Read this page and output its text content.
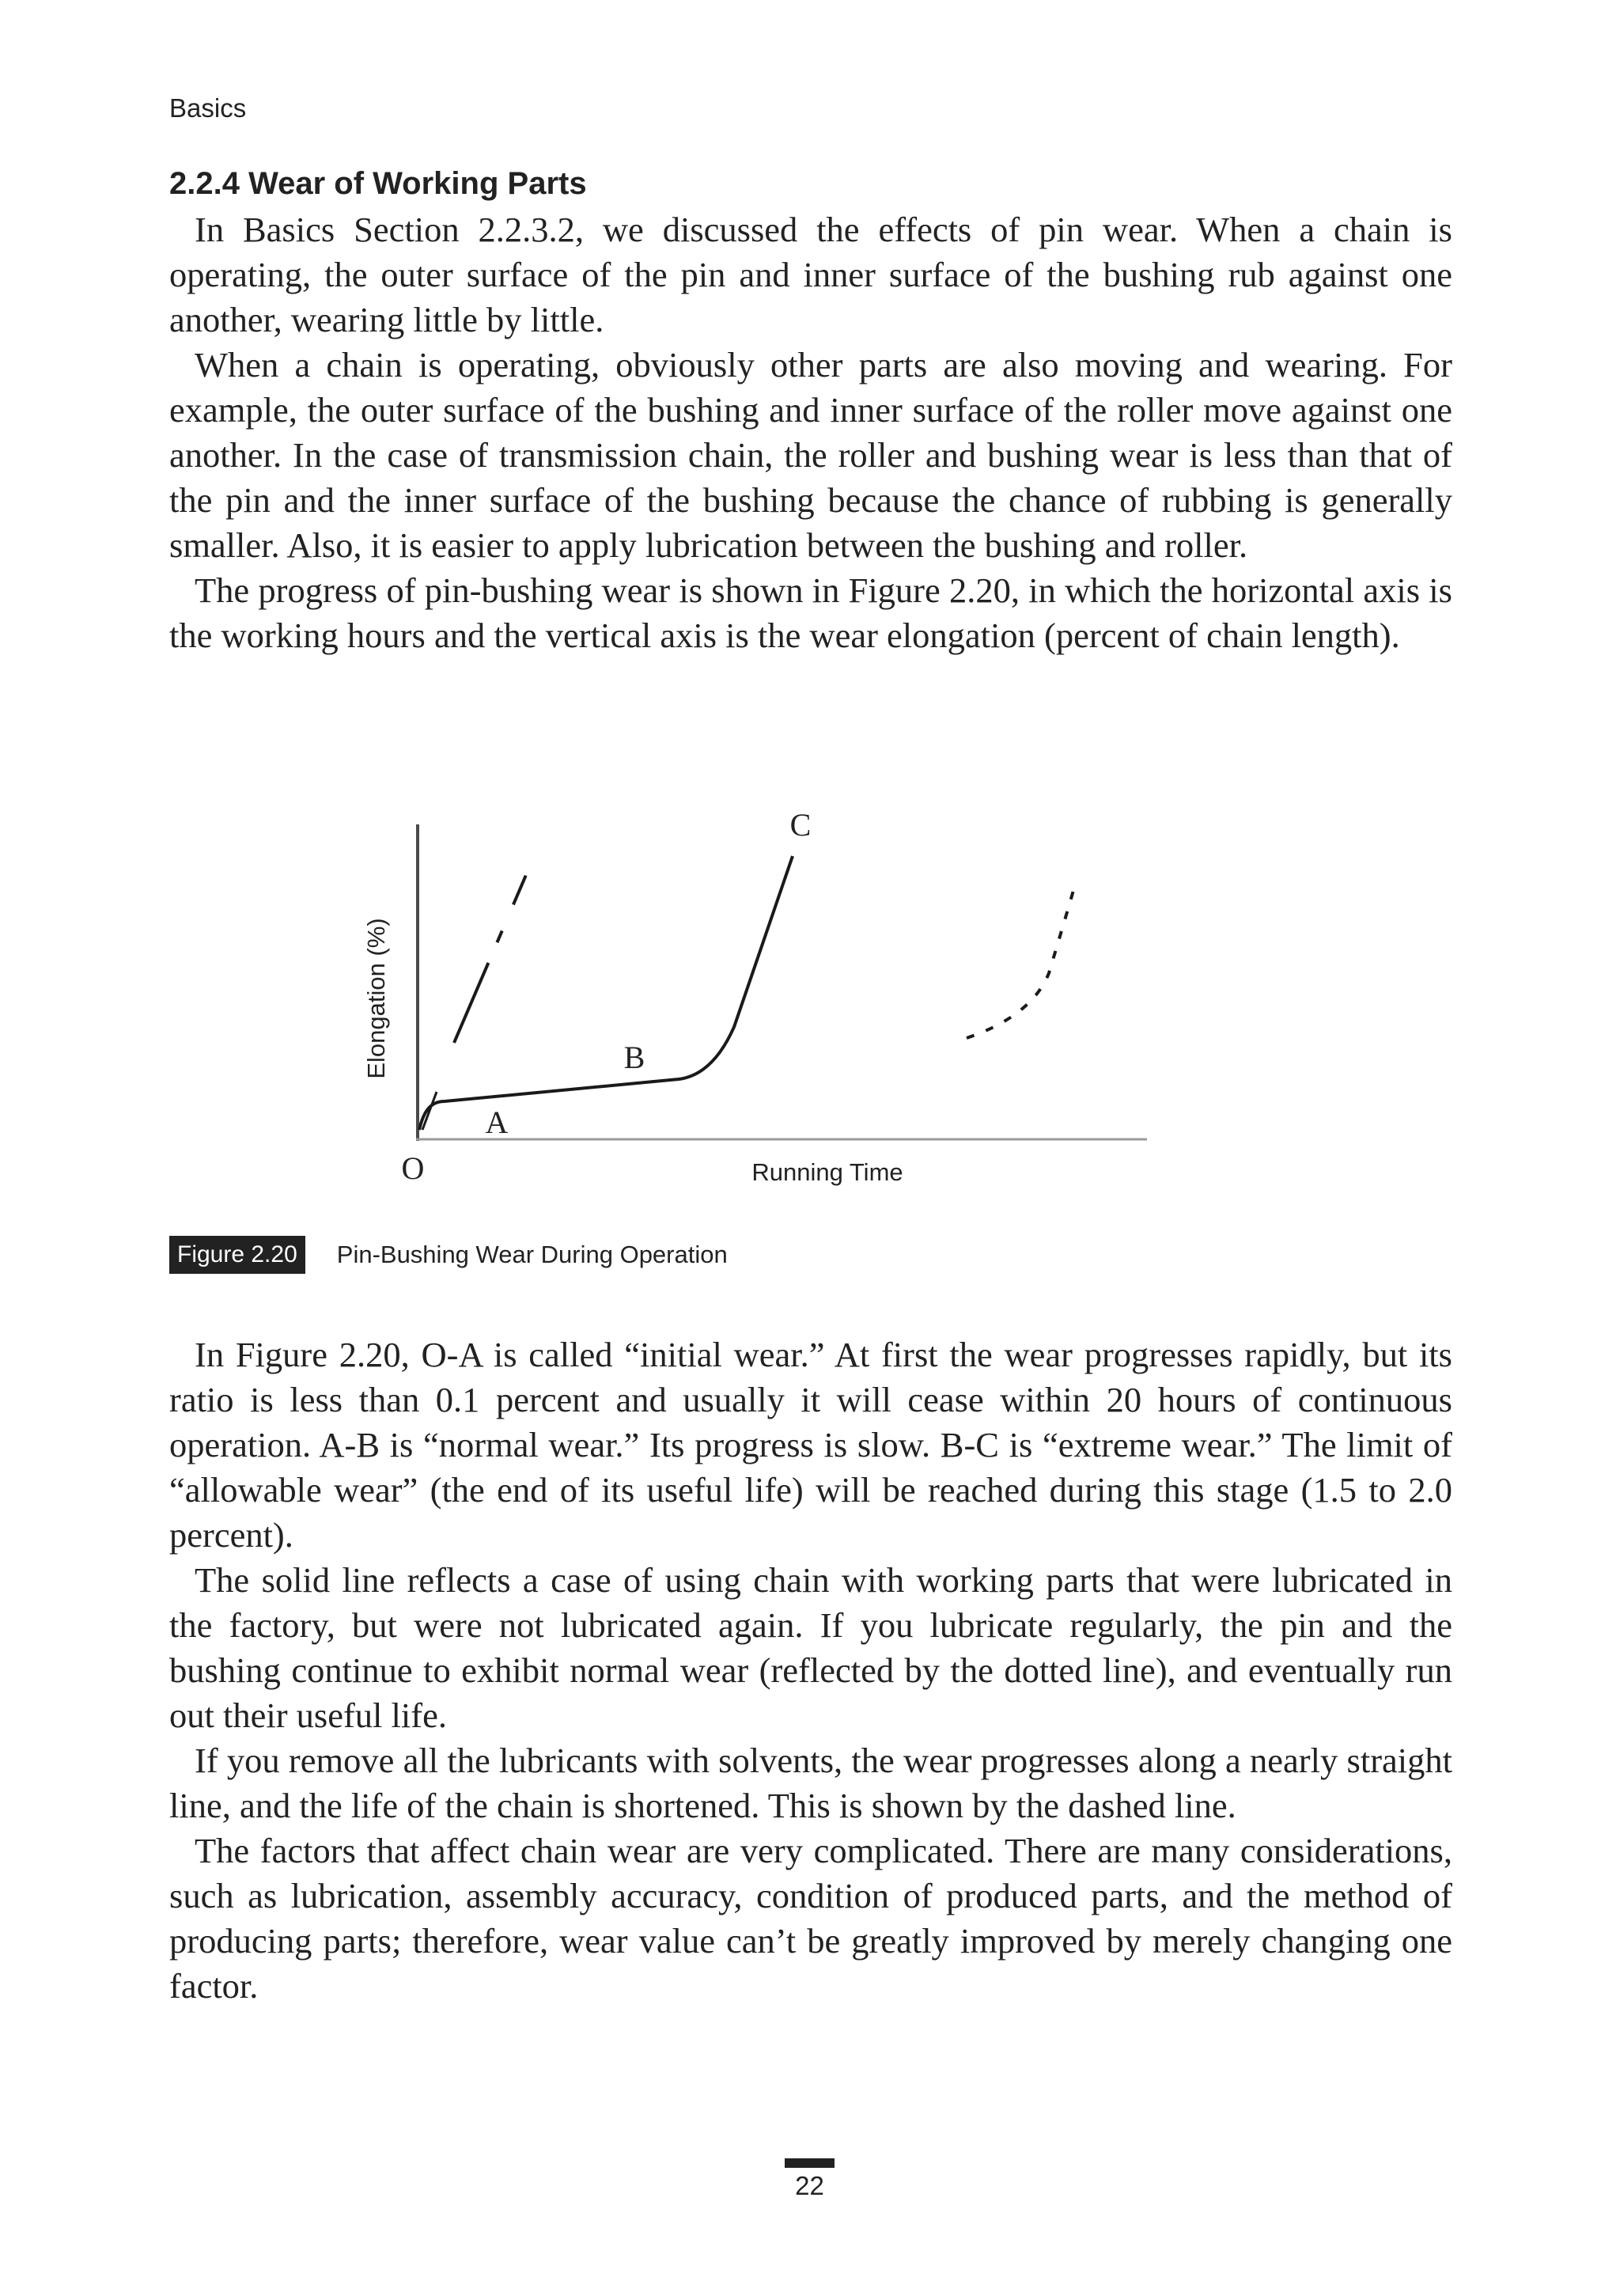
Basics
2.2.4 Wear of Working Parts

In Basics Section 2.2.3.2, we discussed the effects of pin wear. When a chain is operating, the outer surface of the pin and inner surface of the bushing rub against one another, wearing little by little.

When a chain is operating, obviously other parts are also moving and wearing. For example, the outer surface of the bushing and inner surface of the roller move against one another. In the case of transmission chain, the roller and bushing wear is less than that of the pin and the inner surface of the bushing because the chance of rubbing is generally smaller. Also, it is easier to apply lubrication between the bushing and roller.

The progress of pin-bushing wear is shown in Figure 2.20, in which the horizontal axis is the working hours and the vertical axis is the wear elongation (percent of chain length).

Elongation (%)
Running Time
O
A
B
C
Figure 2.20	Pin-Bushing Wear During Operation

In Figure 2.20, O-A is called “initial wear.” At first the wear progresses rapidly, but its ratio is less than 0.1 percent and usually it will cease within 20 hours of continuous operation. A-B is “normal wear.” Its progress is slow. B-C is “extreme wear.” The limit of “allowable wear” (the end of its useful life) will be reached during this stage (1.5 to 2.0 percent).

The solid line reflects a case of using chain with working parts that were lubricated in the factory, but were not lubricated again. If you lubricate regularly, the pin and the bushing continue to exhibit normal wear (reflected by the dotted line), and eventually run out their useful life.

If you remove all the lubricants with solvents, the wear progresses along a nearly straight line, and the life of the chain is shortened. This is shown by the dashed line.

The factors that affect chain wear are very complicated. There are many considerations, such as lubrication, assembly accuracy, condition of produced parts, and the method of producing parts; therefore, wear value can’t be greatly improved by merely changing one factor.

22
